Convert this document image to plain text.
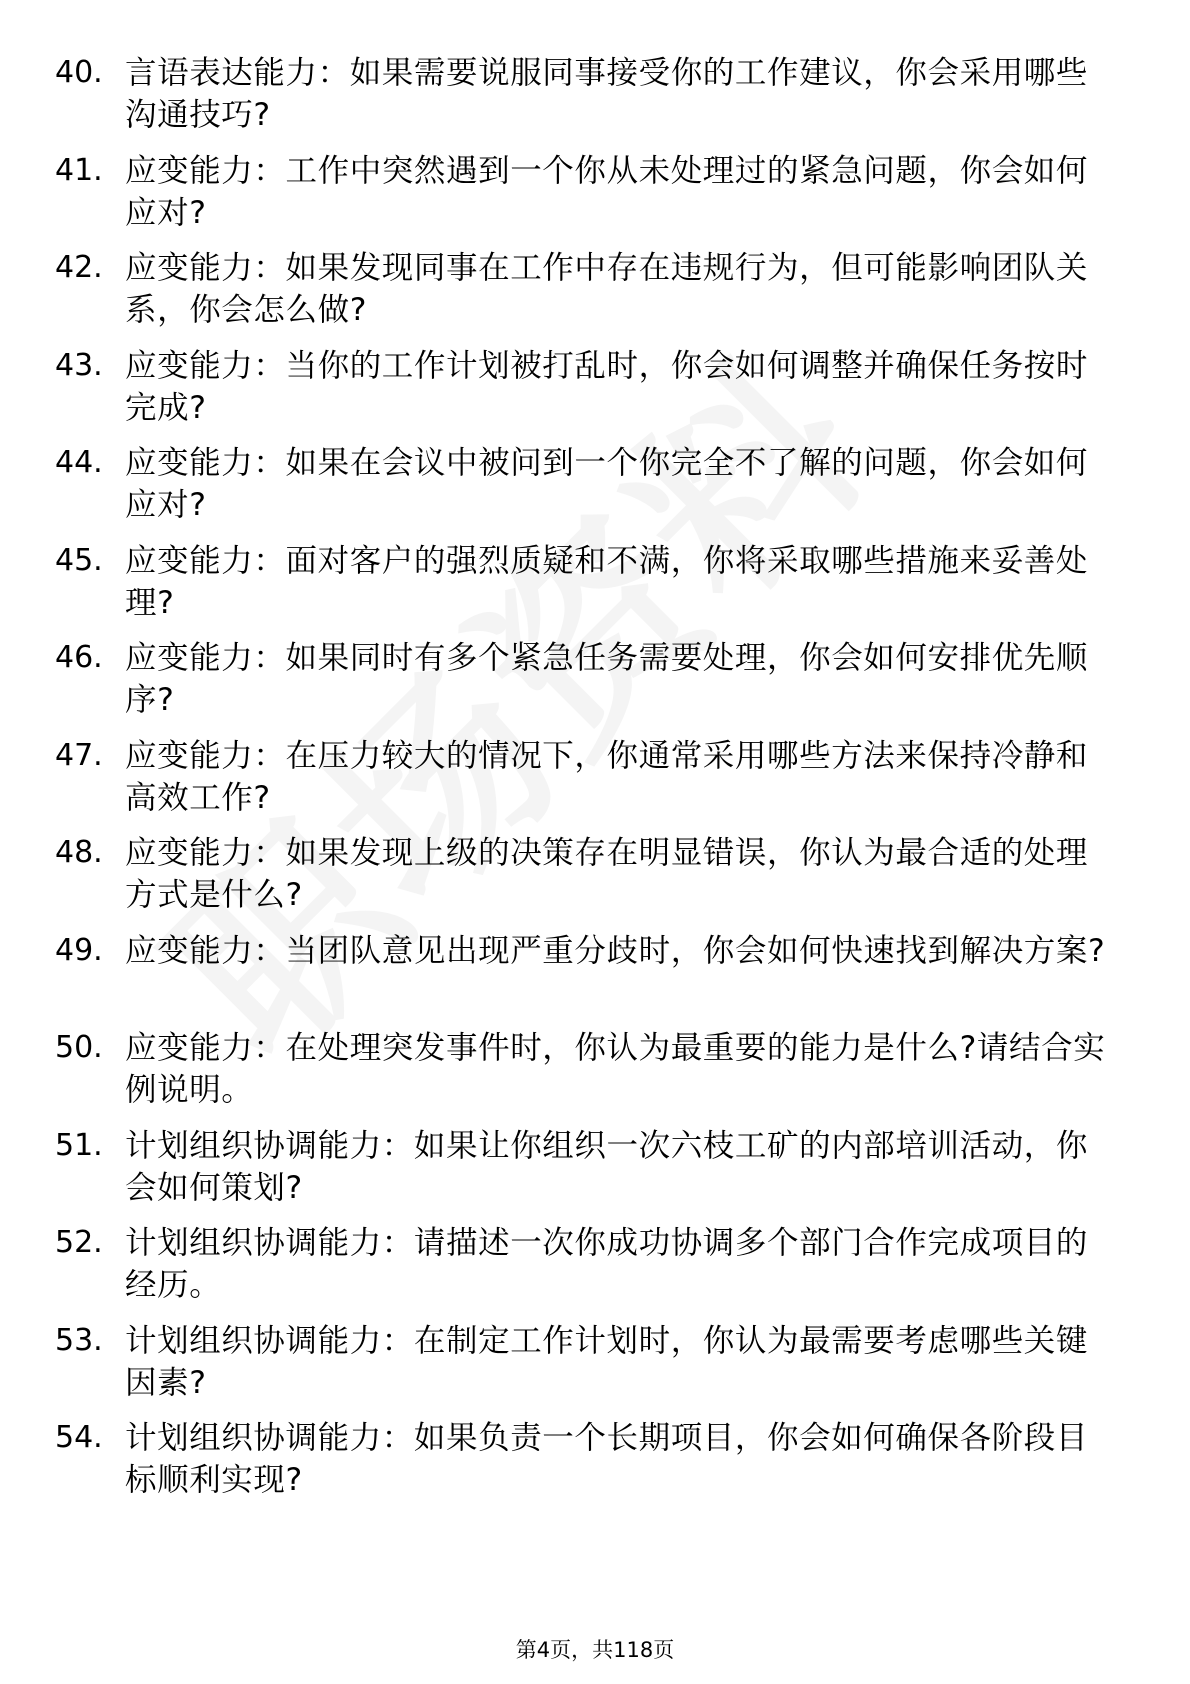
40. 言语表达能力：如果需要说服同事接受你的工作建议，你会采用哪些沟通技巧?
41. 应变能力：工作中突然遇到一个你从未处理过的紧急问题，你会如何应对?
42. 应变能力：如果发现同事在工作中存在违规行为，但可能影响团队关系，你会怎么做?
43. 应变能力：当你的工作计划被打乱时，你会如何调整并确保任务按时完成?
44. 应变能力：如果在会议中被问到一个你完全不了解的问题，你会如何应对?
45. 应变能力：面对客户的强烈质疑和不满，你将采取哪些措施来妥善处理?
46. 应变能力：如果同时有多个紧急任务需要处理，你会如何安排优先顺序?
47. 应变能力：在压力较大的情况下，你通常采用哪些方法来保持冷静和高效工作?
48. 应变能力：如果发现上级的决策存在明显错误，你认为最合适的处理方式是什么?
49. 应变能力：当团队意见出现严重分歧时，你会如何快速找到解决方案?
50. 应变能力：在处理突发事件时，你认为最重要的能力是什么?请结合实例说明。
51. 计划组织协调能力：如果让你组织一次六枝工矿的内部培训活动，你会如何策划?
52. 计划组织协调能力：请描述一次你成功协调多个部门合作完成项目的经历。
53. 计划组织协调能力：在制定工作计划时，你认为最需要考虑哪些关键因素?
54. 计划组织协调能力：如果负责一个长期项目，你会如何确保各阶段目标顺利实现?
第4页，共118页
